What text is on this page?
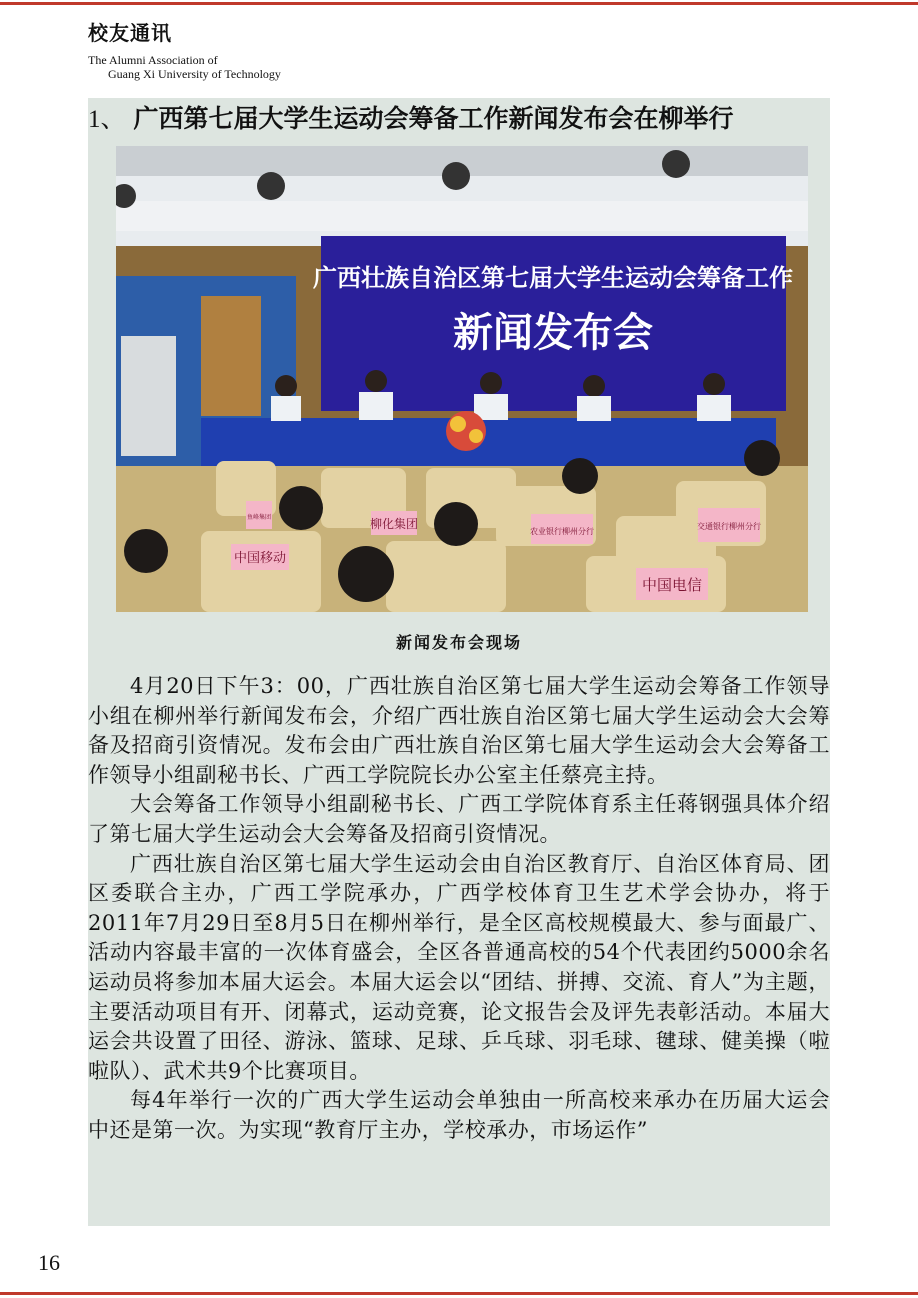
校友通讯
The Alumni Association of
Guang Xi University of Technology
1、 广西第七届大学生运动会筹备工作新闻发布会在柳举行
广西壮族自治区第七届大学生运动会筹备工作
新闻发布会
中国移动
柳化集团
农业银行柳州分行
交通银行柳州分行
中国电信
鱼峰集团
新闻发布会现场

4月20日下午3：00，广西壮族自治区第七届大学生运动会筹备工作领导小组在柳州举行新闻发布会，介绍广西壮族自治区第七届大学生运动会大会筹备及招商引资情况。发布会由广西壮族自治区第七届大学生运动会大会筹备工作领导小组副秘书长、广西工学院院长办公室主任蔡亮主持。

大会筹备工作领导小组副秘书长、广西工学院体育系主任蒋钢强具体介绍了第七届大学生运动会大会筹备及招商引资情况。

广西壮族自治区第七届大学生运动会由自治区教育厅、自治区体育局、团区委联合主办，广西工学院承办，广西学校体育卫生艺术学会协办，将于2011年7月29日至8月5日在柳州举行，是全区高校规模最大、参与面最广、活动内容最丰富的一次体育盛会，全区各普通高校的54个代表团约5000余名运动员将参加本届大运会。本届大运会以“团结、拼搏、交流、育人”为主题，主要活动项目有开、闭幕式，运动竞赛，论文报告会及评先表彰活动。本届大运会共设置了田径、游泳、篮球、足球、乒乓球、羽毛球、毽球、健美操（啦啦队）、武术共9个比赛项目。

每4年举行一次的广西大学生运动会单独由一所高校来承办在历届大运会中还是第一次。为实现“教育厅主办，学校承办，市场运作”

16
